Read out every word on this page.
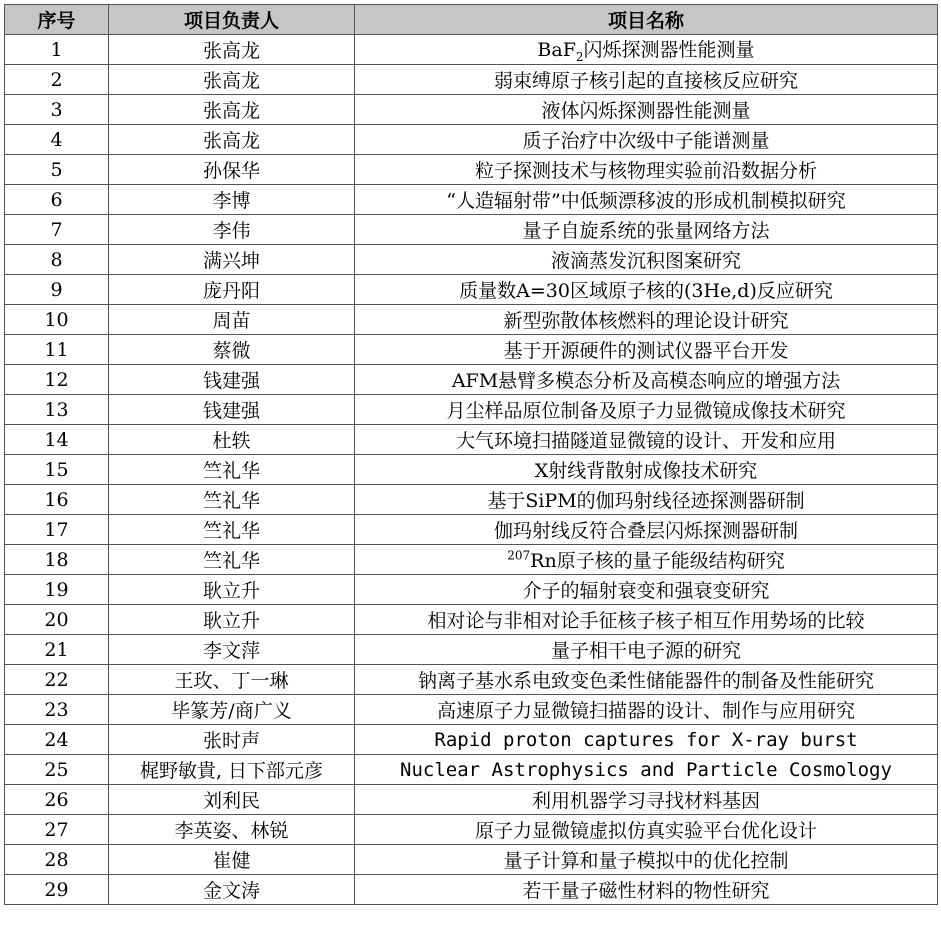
序号	项目负责人	项目名称
1	张高龙	BaF$_2$闪烁探测器性能测量
2	张高龙	弱束缚原子核引起的直接核反应研究
3	张高龙	液体闪烁探测器性能测量
4	张高龙	质子治疗中次级中子能谱测量
5	孙保华	粒子探测技术与核物理实验前沿数据分析
6	李博	“人造辐射带”中低频漂移波的形成机制模拟研究
7	李伟	量子自旋系统的张量网络方法
8	满兴坤	液滴蒸发沉积图案研究
9	庞丹阳	质量数A=30区域原子核的(3He,d)反应研究
10	周苗	新型弥散体核燃料的理论设计研究
11	蔡微	基于开源硬件的测试仪器平台开发
12	钱建强	AFM悬臂多模态分析及高模态响应的增强方法
13	钱建强	月尘样品原位制备及原子力显微镜成像技术研究
14	杜轶	大气环境扫描隧道显微镜的设计、开发和应用
15	竺礼华	X射线背散射成像技术研究
16	竺礼华	基于SiPM的伽玛射线径迹探测器研制
17	竺礼华	伽玛射线反符合叠层闪烁探测器研制
18	竺礼华	$^{207}$Rn原子核的量子能级结构研究
19	耿立升	介子的辐射衰变和强衰变研究
20	耿立升	相对论与非相对论手征核子核子相互作用势场的比较
21	李文萍	量子相干电子源的研究
22	王玫、丁一琳	钠离子基水系电致变色柔性储能器件的制备及性能研究
23	毕篆芳/商广义	高速原子力显微镜扫描器的设计、制作与应用研究
24	张时声	Rapid proton captures for X-ray burst
25	梶野敏貴, 日下部元彦	Nuclear Astrophysics and Particle Cosmology
26	刘利民	利用机器学习寻找材料基因
27	李英姿、林锐	原子力显微镜虚拟仿真实验平台优化设计
28	崔健	量子计算和量子模拟中的优化控制
29	金文涛	若干量子磁性材料的物性研究
